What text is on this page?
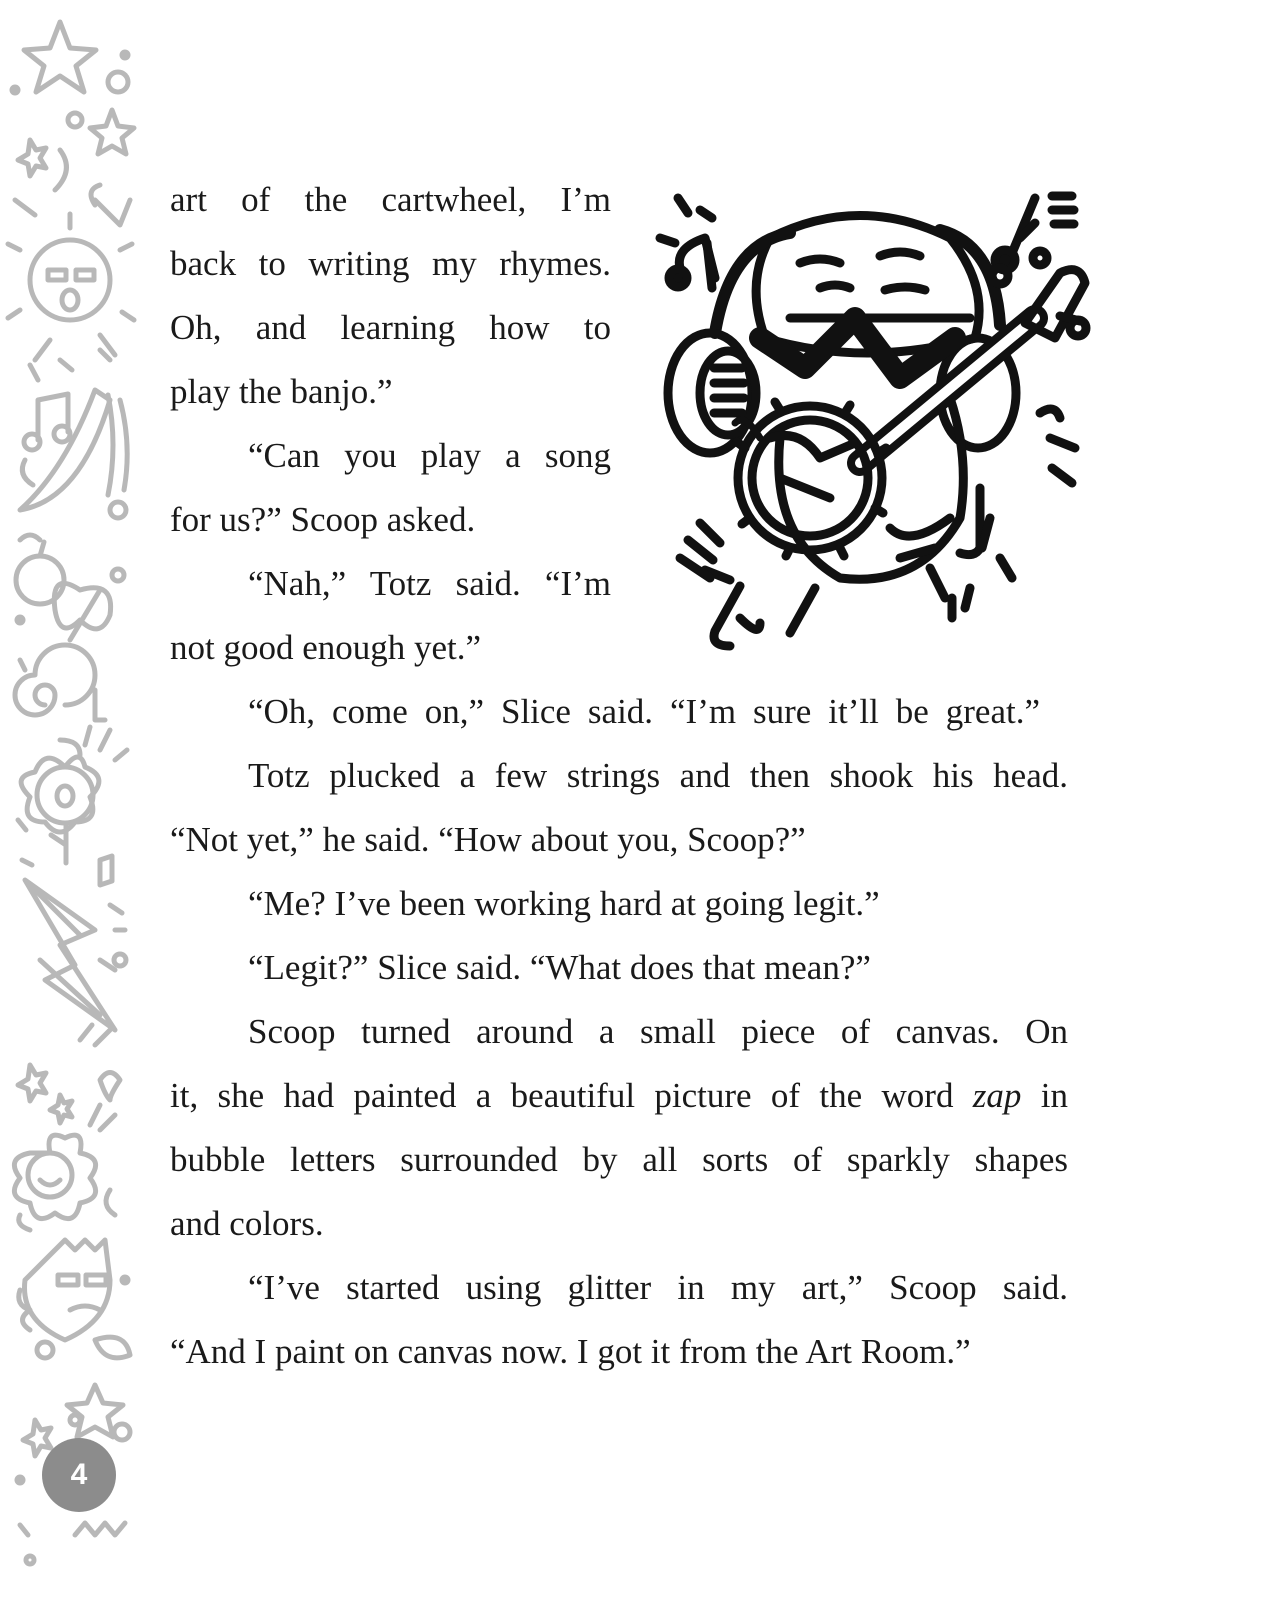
4
art of the cartwheel, I’m
back to writing my rhymes.
Oh, and learning how to
play the banjo.”
“Can you play a song
for us?” Scoop asked.
“Nah,” Totz said. “I’m
not good enough yet.”
“Oh, come on,” Slice said. “I’m sure it’ll be great.”
Totz plucked a few strings and then shook his head.
“Not yet,” he said. “How about you, Scoop?”
“Me? I’ve been working hard at going legit.”
“Legit?” Slice said. “What does that mean?”
Scoop turned around a small piece of canvas. On
it, she had painted a beautiful picture of the word zap in
bubble letters surrounded by all sorts of sparkly shapes
and colors.
“I’ve started using glitter in my art,” Scoop said.
“And I paint on canvas now. I got it from the Art Room.”
